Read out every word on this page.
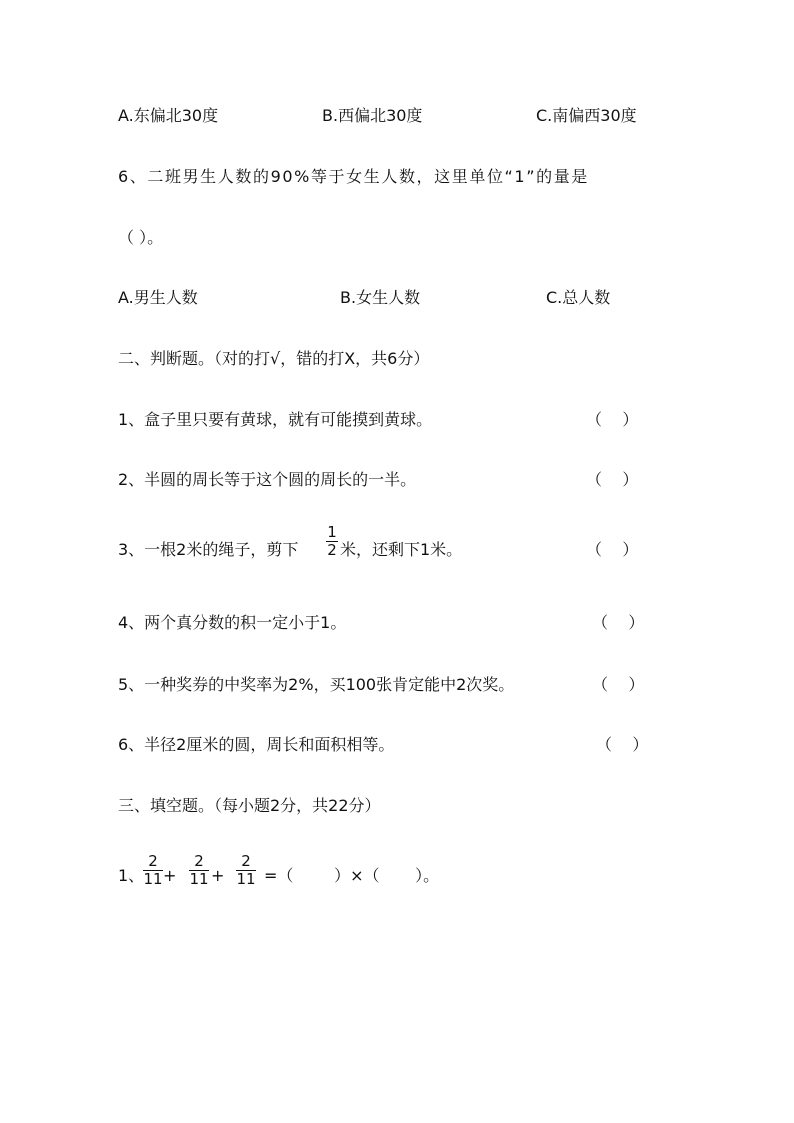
A.东偏北30度	B.西偏北30度	C.南偏西30度
6、二班男生人数的90%等于女生人数，这里单位“1”的量是
（ ）。
A.男生人数	B.女生人数	C.总人数
二、判断题。（对的打√，错的打X，共6分）
1、盒子里只要有黄球，就有可能摸到黄球。	（    ）
2、半圆的周长等于这个圆的周长的一半。	（    ）
3、一根2米的绳子，剪下
1
2 米，还剩下1米。	（    ）
4、两个真分数的积一定小于1。	（    ）
5、一种奖券的中奖率为2%，买100张肯定能中2次奖。	（    ）
6、半径2厘米的圆，周长和面积相等。	（    ）
三、填空题。（每小题2分，共22分）
1、
2
11 +
2
11 +
2
11 =（        ）×（       ）。
